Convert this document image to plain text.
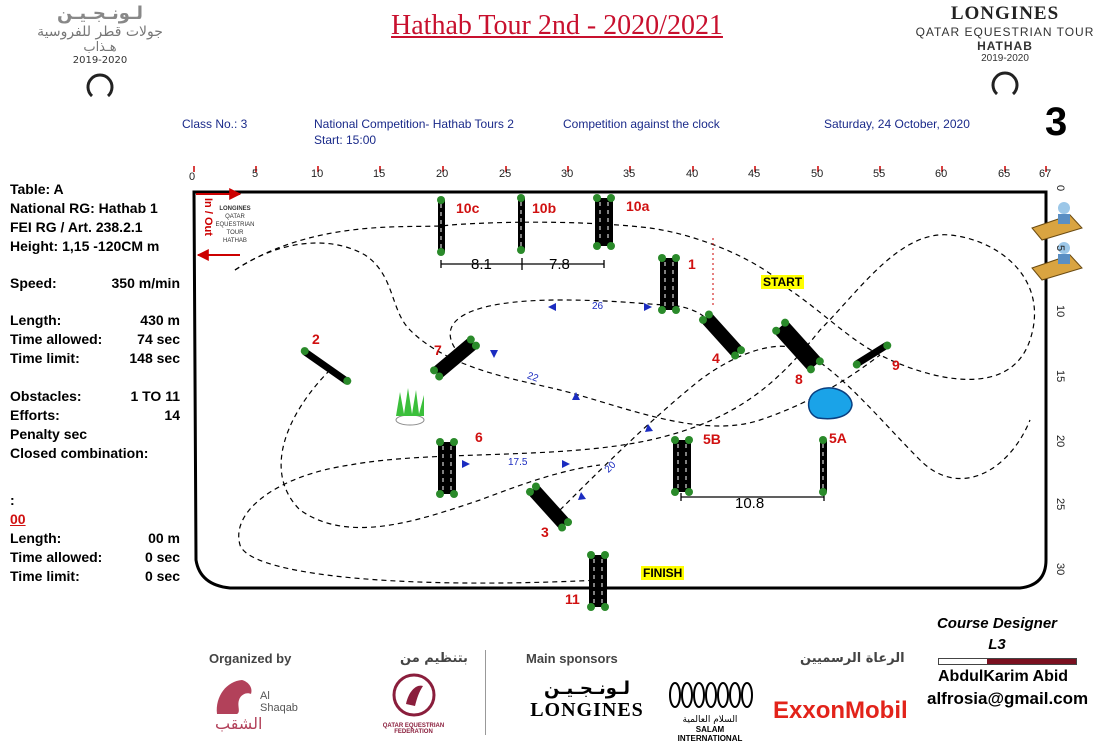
Hathab Tour 2nd - 2020/2021
لـونـجـيـن
جولات قطر للفروسية
هـذاب
2019-2020
LONGINES
QATAR EQUESTRIAN TOUR
HATHAB
2019-2020
Class No.: 3	National Competition- Hathab Tours 2
Start: 15:00
Competition against the clock	Saturday, 24 October, 2020 3
Table: A
National RG: Hathab 1
FEI RG / Art. 238.2.1
Height: 1,15 -120CM m
Speed:	350 m/min
Length:	430 m
Time allowed: 74 sec
Time limit:	148 sec
Obstacles:	1 TO 11
Efforts:	14
Penalty sec
Closed combination:
:
00
Length:	00 m
Time allowed:	0 sec
Time limit:	0 sec
0	5	10	15	20	25	30	35	40	45	50	55	60	65	67
0
5
10
15
20
25
30
In / Out LONGINES
QATAR EQUESTRIAN TOUR
HATHAB
10c	10b	10a
1
2
7	4
8
9
6	5B	5A
3
11
START
FINISH
8.1	7.8
10.8
26
22
17.5	20
Organized by	بتنظيم من	Main sponsors	الرعاة الرسميين
Al Shaqab
الشقب	QATAR EQUESTRIAN FEDERATION
لـونـجـيـن
LONGINES	السلام العالمية
SALAM INTERNATIONAL
ExxonMobil
Course Designer
L3
AbdulKarim Abid
alfrosia@gmail.com
